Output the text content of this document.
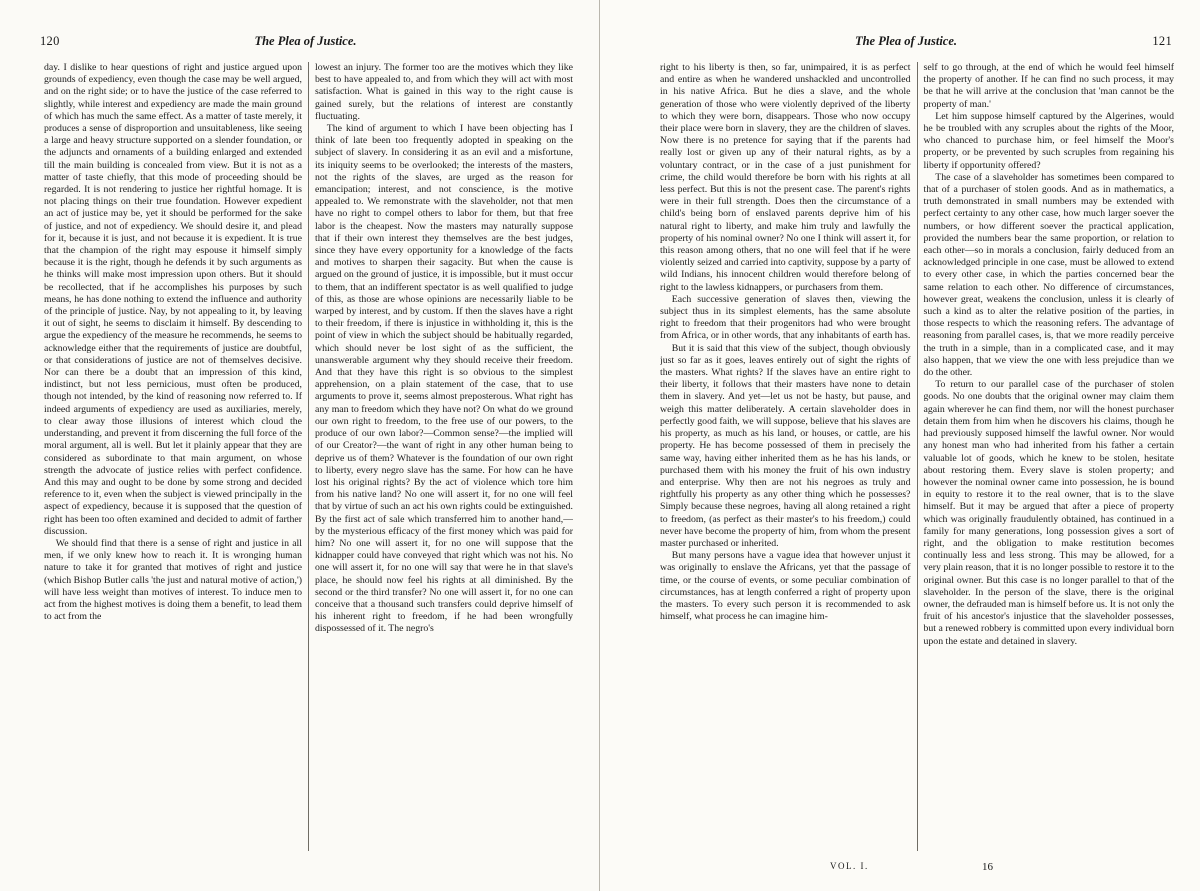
120	The Plea of Justice.

day. I dislike to hear questions of right and justice argued upon grounds of expediency, even though the case may be well argued, and on the right side; or to have the justice of the case referred to slightly, while interest and expediency are made the main ground of which has much the same effect. As a matter of taste merely, it produces a sense of disproportion and unsuitableness, like seeing a large and heavy structure supported on a slender foundation, or the adjuncts and ornaments of a building enlarged and extended till the main building is concealed from view. But it is not as a matter of taste chiefly, that this mode of proceeding should be regarded. It is not rendering to justice her rightful homage. It is not placing things on their true foundation. However expedient an act of justice may be, yet it should be performed for the sake of justice, and not of expediency. We should desire it, and plead for it, because it is just, and not because it is expedient. It is true that the champion of the right may espouse it himself simply because it is the right, though he defends it by such arguments as he thinks will make most impression upon others. But it should be recollected, that if he accomplishes his purposes by such means, he has done nothing to extend the influence and authority of the principle of justice. Nay, by not appealing to it, by leaving it out of sight, he seems to disclaim it himself. By descending to argue the expediency of the measure he recommends, he seems to acknowledge either that the requirements of justice are doubtful, or that considerations of justice are not of themselves decisive. Nor can there be a doubt that an impression of this kind, indistinct, but not less pernicious, must often be produced, though not intended, by the kind of reasoning now referred to. If indeed arguments of expediency are used as auxiliaries, merely, to clear away those illusions of interest which cloud the understanding, and prevent it from discerning the full force of the moral argument, all is well. But let it plainly appear that they are considered as subordinate to that main argument, on whose strength the advocate of justice relies with perfect confidence. And this may and ought to be done by some strong and decided reference to it, even when the subject is viewed principally in the aspect of expediency, because it is supposed that the question of right has been too often examined and decided to admit of farther discussion.

We should find that there is a sense of right and justice in all men, if we only knew how to reach it. It is wronging human nature to take it for granted that motives of right and justice (which Bishop Butler calls 'the just and natural motive of action,') will have less weight than motives of interest. To induce men to act from the highest motives is doing them a benefit, to lead them to act from the

lowest an injury. The former too are the motives which they like best to have appealed to, and from which they will act with most satisfaction. What is gained in this way to the right cause is gained surely, but the relations of interest are constantly fluctuating.

The kind of argument to which I have been objecting has I think of late been too frequently adopted in speaking on the subject of slavery. In considering it as an evil and a misfortune, its iniquity seems to be overlooked; the interests of the masters, not the rights of the slaves, are urged as the reason for emancipation; interest, and not conscience, is the motive appealed to. We remonstrate with the slaveholder, not that men have no right to compel others to labor for them, but that free labor is the cheapest. Now the masters may naturally suppose that if their own interest they themselves are the best judges, since they have every opportunity for a knowledge of the facts and motives to sharpen their sagacity. But when the cause is argued on the ground of justice, it is impossible, but it must occur to them, that an indifferent spectator is as well qualified to judge of this, as those are whose opinions are necessarily liable to be warped by interest, and by custom. If then the slaves have a right to their freedom, if there is injustice in withholding it, this is the point of view in which the subject should be habitually regarded, which should never be lost sight of as the sufficient, the unanswerable argument why they should receive their freedom. And that they have this right is so obvious to the simplest apprehension, on a plain statement of the case, that to use arguments to prove it, seems almost preposterous. What right has any man to freedom which they have not? On what do we ground our own right to freedom, to the free use of our powers, to the produce of our own labor?—Common sense?—the implied will of our Creator?—the want of right in any other human being to deprive us of them? Whatever is the foundation of our own right to liberty, every negro slave has the same. For how can he have lost his original rights? By the act of violence which tore him from his native land? No one will assert it, for no one will feel that by virtue of such an act his own rights could be extinguished. By the first act of sale which transferred him to another hand,—by the mysterious efficacy of the first money which was paid for him? No one will assert it, for no one will suppose that the kidnapper could have conveyed that right which was not his. No one will assert it, for no one will say that were he in that slave's place, he should now feel his rights at all diminished. By the second or the third transfer? No one will assert it, for no one can conceive that a thousand such transfers could deprive himself of his inherent right to freedom, if he had been wrongfully dispossessed of it. The negro's

The Plea of Justice.	121

right to his liberty is then, so far, unimpaired, it is as perfect and entire as when he wandered unshackled and uncontrolled in his native Africa. But he dies a slave, and the whole generation of those who were violently deprived of the liberty to which they were born, disappears. Those who now occupy their place were born in slavery, they are the children of slaves. Now there is no pretence for saying that if the parents had really lost or given up any of their natural rights, as by a voluntary contract, or in the case of a just punishment for crime, the child would therefore be born with his rights at all less perfect. But this is not the present case. The parent's rights were in their full strength. Does then the circumstance of a child's being born of enslaved parents deprive him of his natural right to liberty, and make him truly and lawfully the property of his nominal owner? No one I think will assert it, for this reason among others, that no one will feel that if he were violently seized and carried into captivity, suppose by a party of wild Indians, his innocent children would therefore belong of right to the lawless kidnappers, or purchasers from them.

Each successive generation of slaves then, viewing the subject thus in its simplest elements, has the same absolute right to freedom that their progenitors had who were brought from Africa, or in other words, that any inhabitants of earth has.

But it is said that this view of the subject, though obviously just so far as it goes, leaves entirely out of sight the rights of the masters. What rights? If the slaves have an entire right to their liberty, it follows that their masters have none to detain them in slavery. And yet—let us not be hasty, but pause, and weigh this matter deliberately. A certain slaveholder does in perfectly good faith, we will suppose, believe that his slaves are his property, as much as his land, or houses, or cattle, are his property. He has become possessed of them in precisely the same way, having either inherited them as he has his lands, or purchased them with his money the fruit of his own industry and enterprise. Why then are not his negroes as truly and rightfully his property as any other thing which he possesses? Simply because these negroes, having all along retained a right to freedom, (as perfect as their master's to his freedom,) could never have become the property of him, from whom the present master purchased or inherited.

But many persons have a vague idea that however unjust it was originally to enslave the Africans, yet that the passage of time, or the course of events, or some peculiar combination of circumstances, has at length conferred a right of property upon the masters. To every such person it is recommended to ask himself, what process he can imagine him-

self to go through, at the end of which he would feel himself the property of another. If he can find no such process, it may be that he will arrive at the conclusion that 'man cannot be the property of man.'

Let him suppose himself captured by the Algerines, would he be troubled with any scruples about the rights of the Moor, who chanced to purchase him, or feel himself the Moor's property, or be prevented by such scruples from regaining his liberty if opportunity offered?

The case of a slaveholder has sometimes been compared to that of a purchaser of stolen goods. And as in mathematics, a truth demonstrated in small numbers may be extended with perfect certainty to any other case, how much larger soever the numbers, or how different soever the practical application, provided the numbers bear the same proportion, or relation to each other—so in morals a conclusion, fairly deduced from an acknowledged principle in one case, must be allowed to extend to every other case, in which the parties concerned bear the same relation to each other. No difference of circumstances, however great, weakens the conclusion, unless it is clearly of such a kind as to alter the relative position of the parties, in those respects to which the reasoning refers. The advantage of reasoning from parallel cases, is, that we more readily perceive the truth in a simple, than in a complicated case, and it may also happen, that we view the one with less prejudice than we do the other.

To return to our parallel case of the purchaser of stolen goods. No one doubts that the original owner may claim them again wherever he can find them, nor will the honest purchaser detain them from him when he discovers his claims, though he had previously supposed himself the lawful owner. Nor would any honest man who had inherited from his father a certain valuable lot of goods, which he knew to be stolen, hesitate about restoring them. Every slave is stolen property; and however the nominal owner came into possession, he is bound in equity to restore it to the real owner, that is to the slave himself. But it may be argued that after a piece of property which was originally fraudulently obtained, has continued in a family for many generations, long possession gives a sort of right, and the obligation to make restitution becomes continually less and less strong. This may be allowed, for a very plain reason, that it is no longer possible to restore it to the original owner. But this case is no longer parallel to that of the slaveholder. In the person of the slave, there is the original owner, the defrauded man is himself before us. It is not only the fruit of his ancestor's injustice that the slaveholder possesses, but a renewed robbery is committed upon every individual born upon the estate and detained in slavery.

VOL. I.	16
